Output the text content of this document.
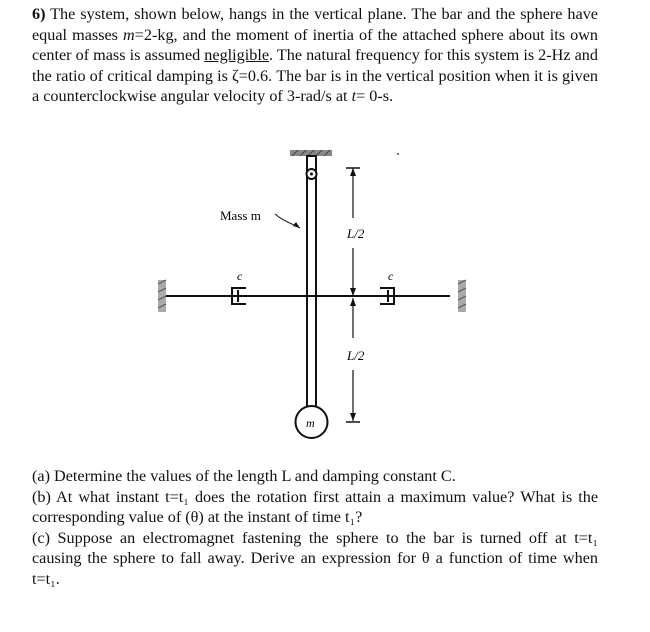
6) The system, shown below, hangs in the vertical plane. The bar and the sphere have equal masses m=2-kg, and the moment of inertia of the attached sphere about its own center of mass is assumed negligible. The natural frequency for this system is 2-Hz and the ratio of critical damping is ζ=0.6. The bar is in the vertical position when it is given a counterclockwise angular velocity of 3-rad/s at t= 0-s.
c	c
L/2
L/2
Mass m
m

(a) Determine the values of the length L and damping constant C.

(b) At what instant t=t₁ does the rotation first attain a maximum value? What is the corresponding value of (θ) at the instant of time t₁?

(c) Suppose an electromagnet fastening the sphere to the bar is turned off at t=t₁ causing the sphere to fall away. Derive an expression for θ a function of time when t=t₁.
